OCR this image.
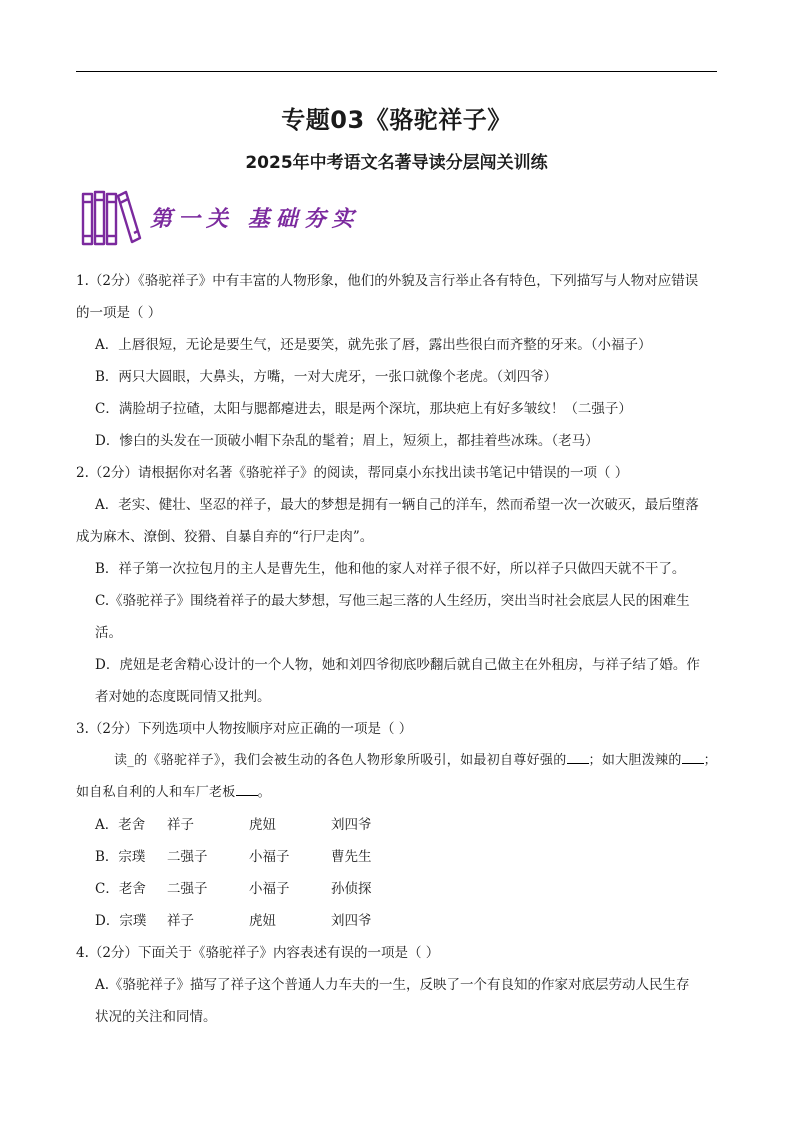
专题03《骆驼祥子》
2025年中考语文名著导读分层闯关训练
第一关 基础夯实

1.（2分）《骆驼祥子》中有丰富的人物形象，他们的外貌及言行举止各有特色，下列描写与人物对应错误

的一项是（ ）

A．上唇很短，无论是要生气，还是要笑，就先张了唇，露出些很白而齐整的牙来。（小福子）

B．两只大圆眼，大鼻头，方嘴，一对大虎牙，一张口就像个老虎。（刘四爷）

C．满脸胡子拉碴，太阳与腮都瘪进去，眼是两个深坑，那块疤上有好多皱纹！（二强子）

D．惨白的头发在一顶破小帽下杂乱的髦着；眉上，短须上，都挂着些冰珠。（老马）

2.（2分）请根据你对名著《骆驼祥子》的阅读，帮同桌小东找出读书笔记中错误的一项（ ）

A．老实、健壮、坚忍的祥子，最大的梦想是拥有一辆自己的洋车，然而希望一次一次破灭，最后堕落

成为麻木、潦倒、狡猾、自暴自弃的“行尸走肉”。

B．祥子第一次拉包月的主人是曹先生，他和他的家人对祥子很不好，所以祥子只做四天就不干了。

C.《骆驼祥子》围绕着祥子的最大梦想，写他三起三落的人生经历，突出当时社会底层人民的困难生

活。

D．虎妞是老舍精心设计的一个人物，她和刘四爷彻底吵翻后就自己做主在外租房，与祥子结了婚。作

者对她的态度既同情又批判。

3.（2分）下列选项中人物按顺序对应正确的一项是（ ）

读_的《骆驼祥子》，我们会被生动的各色人物形象所吸引，如最初自尊好强的 ；如大胆泼辣的 ；

如自私自利的人和车厂老板 。

A．老舍 祥子	虎妞	刘四爷

B．宗璞 二强子	小福子	曹先生

C．老舍 二强子	小福子	孙侦探

D．宗璞 祥子	虎妞	刘四爷

4.（2分）下面关于《骆驼祥子》内容表述有误的一项是（ ）

A.《骆驼祥子》描写了祥子这个普通人力车夫的一生，反映了一个有良知的作家对底层劳动人民生存

状况的关注和同情。
